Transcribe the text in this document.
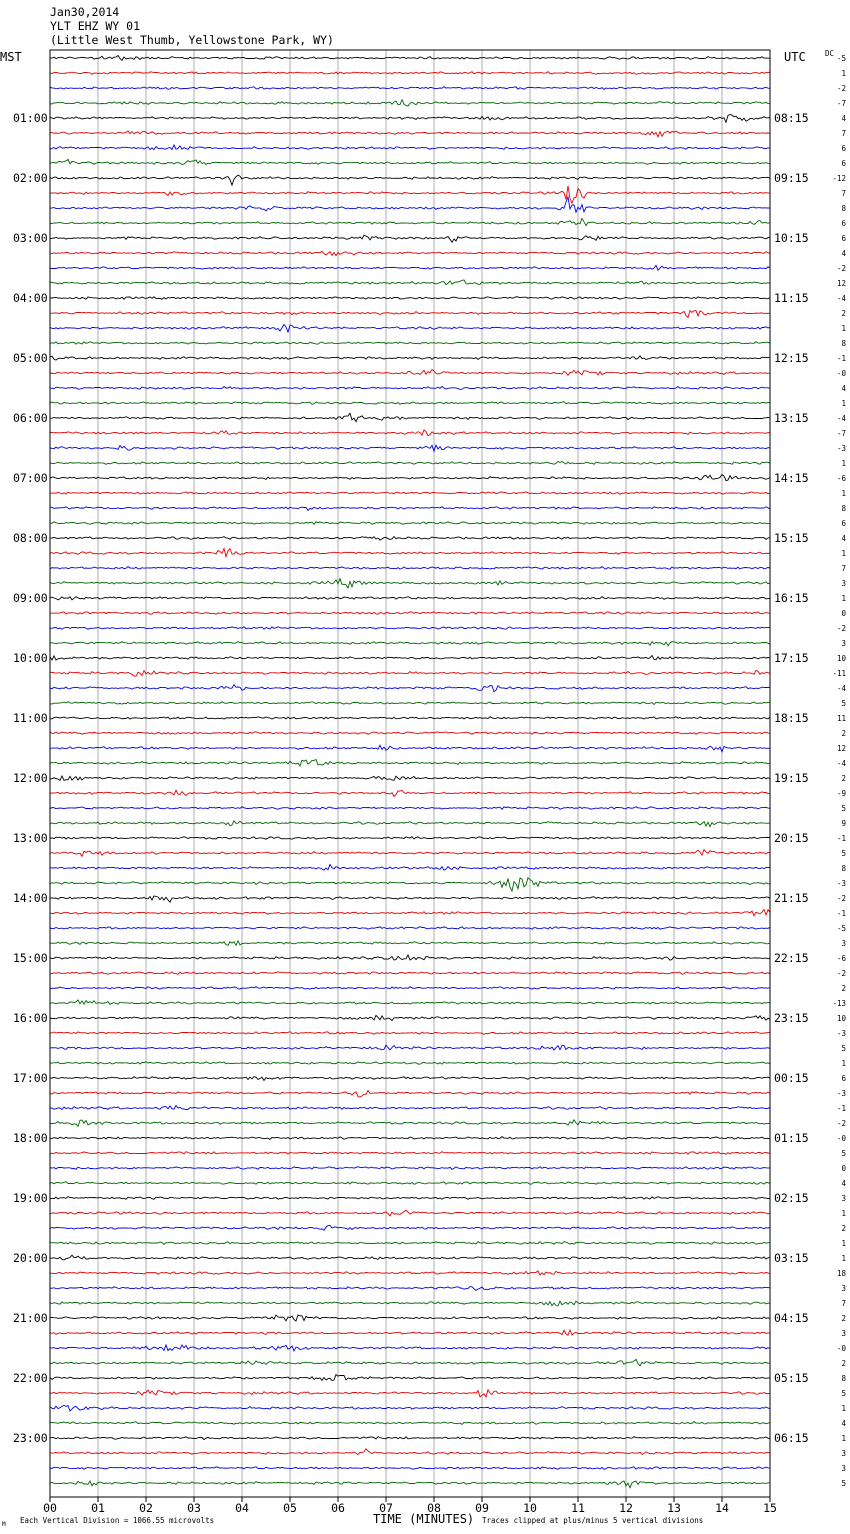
Jan30,2014
YLT EHZ WY 01
(Little West Thumb, Yellowstone Park, WY)
MST	UTC	DC
01:00
02:00
03:00
04:00
05:00
06:00
07:00
08:00
09:00
10:00
11:00
12:00
13:00
14:00
15:00
16:00
17:00
18:00
19:00
20:00
21:00
22:00
23:00
08:15
09:15
10:15
11:15
12:15
13:15
14:15
15:15
16:15
17:15
18:15
19:15
20:15
21:15
22:15
23:15
00:15
01:15
02:15
03:15
04:15
05:15
06:15
-5
1
-2
-7
4
7
6
6
-12
7
8
6
6
4
-2
12
-4
2
1
8
-1
-0
4
1
-4
-7
-3
1
-6
1
8
6
4
1
7
3
1
0
-2
3
10
-11
-4
5
11
2
12
-4
2
-9
5
9
-1
5
8
-3
-2
-1
-5
3
-6
-2
2
-13
10
-3
5
1
6
-3
-1
-2
-0
5
0
4
3
1
2
1
1
18
3
7
2
3
-0
2
8
5
1
4
1
3
3
5
00	01	02	03	04	05	06	07	08	09	10	11	12	13	14	15
TIME (MINUTES)
Each Vertical Division = 1066.55 microvolts	Traces clipped at plus/minus 5 vertical divisions
M
